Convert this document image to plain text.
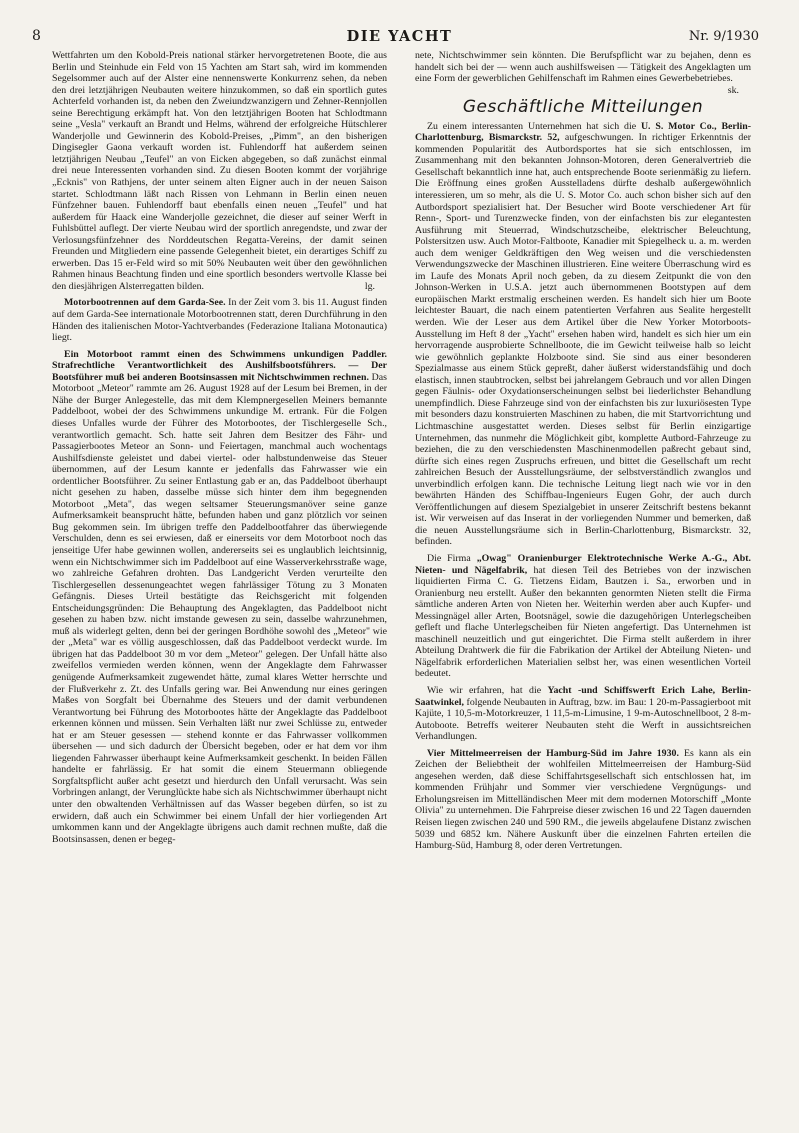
8	DIE YACHT	Nr. 9/1930

Wettfahrten um den Kobold-Preis national stärker hervorgetretenen Boote, die aus Berlin und Steinhude ein Feld von 15 Yachten am Start sah, wird im kommenden Segelsommer auch auf der Alster eine nennenswerte Konkurrenz sehen, da neben den drei letztjährigen Neubauten weitere hinzukommen, so daß ein sportlich gutes Achterfeld vorhanden ist, da neben den Zweiundzwanzigern und Zehner-Rennjollen seine Berechtigung erkämpft hat. Von den letztjährigen Booten hat Schlodtmann seine „Vesla" verkauft an Brandt und Helms, während der erfolgreiche Hütschlerer Wanderjolle und Gewinnerin des Kobold-Preises, „Pimm", an den bisherigen Dingisegler Gaona verkauft worden ist. Fuhlendorff hat außerdem seinen letztjährigen Neubau „Teufel" an von Eicken abgegeben, so daß zunächst einmal drei neue Interessenten vorhanden sind. Zu diesen Booten kommt der vorjährige „Ecknis" von Rathjens, der unter seinem alten Eigner auch in der neuen Saison startet. Schlodtmann läßt nach Rissen von Lehmann in Berlin einen neuen Fünfzehner bauen. Fuhlendorff baut ebenfalls einen neuen „Teufel" und hat außerdem für Haack eine Wanderjolle gezeichnet, die dieser auf seiner Werft in Fuhlsbüttel auflegt. Der vierte Neubau wird der sportlich anregendste, und zwar der Verlosungsfünfzehner des Norddeutschen Regatta-Vereins, der damit seinen Freunden und Mitgliedern eine passende Gelegenheit bietet, ein derartiges Schiff zu erwerben. Das 15 er-Feld wird so mit 50% Neubauten weit über den gewöhnlichen Rahmen hinaus Beachtung finden und eine sportlich besonders wertvolle Klasse bei den diesjährigen Alsterregatten bilden.	lg.

Motorbootrennen auf dem Garda-See. In der Zeit vom 3. bis 11. August finden auf dem Garda-See internationale Motorbootrennen statt, deren Durchführung in den Händen des italienischen Motor-Yachtverbandes (Federazione Italiana Motonautica) liegt.

Ein Motorboot rammt einen des Schwimmens unkundigen Paddler. Strafrechtliche Verantwortlichkeit des Aushilfsbootsführers. — Der Bootsführer muß bei anderen Bootsinsassen mit Nichtschwimmen rechnen. Das Motorboot „Meteor" rammte am 26. August 1928 auf der Lesum bei Bremen, in der Nähe der Burger Anlegestelle, das mit dem Klempnergesellen Meiners bemannte Paddelboot, wobei der des Schwimmens unkundige M. ertrank. Für die Folgen dieses Unfalles wurde der Führer des Motorbootes, der Tischlergeselle Sch., verantwortlich gemacht. Sch. hatte seit Jahren dem Besitzer des Fähr- und Passagierbootes Meteor an Sonn- und Feiertagen, manchmal auch wochentags Aushilfsdienste geleistet und dabei viertel- oder halbstundenweise das Steuer übernommen, auf der Lesum kannte er jedenfalls das Fahrwasser wie ein ordentlicher Bootsführer. Zu seiner Entlastung gab er an, das Paddelboot überhaupt nicht gesehen zu haben, dasselbe müsse sich hinter dem ihm begegnenden Motorboot „Meta", das wegen seltsamer Steuerungsmanöver seine ganze Aufmerksamkeit beansprucht hätte, befunden haben und ganz plötzlich vor seinen Bug gekommen sein. Im übrigen treffe den Paddelbootfahrer das überwiegende Verschulden, denn es sei erwiesen, daß er einerseits vor dem Motorboot noch das jenseitige Ufer habe gewinnen wollen, andererseits sei es unglaublich leichtsinnig, wenn ein Nichtschwimmer sich im Paddelboot auf eine Wasserverkehrsstraße wage, wo zahlreiche Gefahren drohten. Das Landgericht Verden verurteilte den Tischlergesellen dessenungeachtet wegen fahrlässiger Tötung zu 3 Monaten Gefängnis. Dieses Urteil bestätigte das Reichsgericht mit folgenden Entscheidungsgründen: Die Behauptung des Angeklagten, das Paddelboot nicht gesehen zu haben bzw. nicht imstande gewesen zu sein, dasselbe wahrzunehmen, muß als widerlegt gelten, denn bei der geringen Bordhöhe sowohl des „Meteor" wie der „Meta" war es völlig ausgeschlossen, daß das Paddelboot verdeckt wurde. Im übrigen hat das Paddelboot 30 m vor dem „Meteor" gelegen. Der Unfall hätte also zweifellos vermieden werden können, wenn der Angeklagte dem Fahrwasser genügende Aufmerksamkeit zugewendet hätte, zumal klares Wetter herrschte und der Flußverkehr z. Zt. des Unfalls gering war. Bei Anwendung nur eines geringen Maßes von Sorgfalt bei Übernahme des Steuers und der damit verbundenen Verantwortung bei Führung des Motorbootes hätte der Angeklagte das Paddelboot erkennen können und müssen. Sein Verhalten läßt nur zwei Schlüsse zu, entweder hat er am Steuer gesessen — stehend konnte er das Fahrwasser vollkommen übersehen — und sich dadurch der Übersicht begeben, oder er hat dem vor ihm liegenden Fahrwasser überhaupt keine Aufmerksamkeit geschenkt. In beiden Fällen handelte er fahrlässig. Er hat somit die einem Steuermann obliegende Sorgfaltspflicht außer acht gesetzt und hierdurch den Unfall verursacht. Was sein Vorbringen anlangt, der Verunglückte habe sich als Nichtschwimmer überhaupt nicht unter den obwaltenden Verhältnissen auf das Wasser begeben dürfen, so ist zu erwidern, daß auch ein Schwimmer bei einem Unfall der hier vorliegenden Art umkommen kann und der Angeklagte übrigens auch damit rechnen mußte, daß die Bootsinsassen, denen er begeg-

nete, Nichtschwimmer sein könnten. Die Berufspflicht war zu bejahen, denn es handelt sich bei der — wenn auch aushilfsweisen — Tätigkeit des Angeklagten um eine Form der gewerblichen Gehilfenschaft im Rahmen eines Gewerbebetriebes.

sk.

Geschäftliche Mitteilungen

Zu einem interessanten Unternehmen hat sich die U. S. Motor Co., Berlin-Charlottenburg, Bismarckstr. 52, aufgeschwungen. In richtiger Erkenntnis der kommenden Popularität des Autbordsportes hat sie sich entschlossen, im Zusammenhang mit den bekannten Johnson-Motoren, deren Generalvertrieb die Gesellschaft bekanntlich inne hat, auch entsprechende Boote serienmäßig zu liefern. Die Eröffnung eines großen Ausstelladens dürfte deshalb außergewöhnlich interessieren, um so mehr, als die U. S. Motor Co. auch schon bisher sich auf den Autbordsport spezialisiert hat. Der Besucher wird Boote verschiedener Art für Renn-, Sport- und Turenzwecke finden, von der einfachsten bis zur elegantesten Ausführung mit Steuerrad, Windschutzscheibe, elektrischer Beleuchtung, Polstersitzen usw. Auch Motor-Faltboote, Kanadier mit Spiegelheck u. a. m. werden auch dem weniger Geldkräftigen den Weg weisen und die verschiedensten Verwendungszwecke der Maschinen illustrieren. Eine weitere Überraschung wird es im Laufe des Monats April noch geben, da zu diesem Zeitpunkt die von den Johnson-Werken in U.S.A. jetzt auch übernommenen Bootstypen auf dem europäischen Markt erstmalig erscheinen werden. Es handelt sich hier um Boote leichtester Bauart, die nach einem patentierten Verfahren aus Sealite hergestellt werden. Wie der Leser aus dem Artikel über die New Yorker Motorboots-Ausstellung im Heft 8 der „Yacht" ersehen haben wird, handelt es sich hier um ein hervorragende ausprobierte Schnellboote, die im Gewicht teilweise halb so leicht wie gewöhnlich geplankte Holzboote sind. Sie sind aus einer besonderen Spezialmasse aus einem Stück gepreßt, daher äußerst widerstandsfähig und doch elastisch, innen staubtrocken, selbst bei jahrelangem Gebrauch und vor allen Dingen gegen Fäulnis- oder Oxydationserscheinungen selbst bei liederlichster Behandlung unempfindlich. Diese Fahrzeuge sind von der einfachsten bis zur luxuriösesten Type mit besonders dazu konstruierten Maschinen zu haben, die mit Startvorrichtung und Lichtmaschine ausgestattet werden. Dieses selbst für Berlin einzigartige Unternehmen, das nunmehr die Möglichkeit gibt, komplette Autbord-Fahrzeuge zu beziehen, die zu den verschiedensten Maschinenmodellen paßrecht gebaut sind, dürfte sich eines regen Zuspruchs erfreuen, und bittet die Gesellschaft um recht zahlreichen Besuch der Ausstellungsräume, der selbstverständlich zwanglos und unverbindlich erfolgen kann. Die technische Leitung liegt nach wie vor in den bewährten Händen des Schiffbau-Ingenieurs Eugen Gohr, der auch durch Veröffentlichungen auf diesem Spezialgebiet in unserer Zeitschrift bestens bekannt ist. Wir verweisen auf das Inserat in der vorliegenden Nummer und bemerken, daß die neuen Ausstellungsräume sich in Berlin-Charlottenburg, Bismarckstr. 32, befinden.

Die Firma „Owag" Oranienburger Elektrotechnische Werke A.-G., Abt. Nieten- und Nägelfabrik, hat diesen Teil des Betriebes von der inzwischen liquidierten Firma C. G. Tietzens Eidam, Bautzen i. Sa., erworben und in Oranienburg neu erstellt. Außer den bekannten genormten Nieten stellt die Firma sämtliche anderen Arten von Nieten her. Weiterhin werden aber auch Kupfer- und Messingnägel aller Arten, Bootsnägel, sowie die dazugehörigen Unterlegscheiben gefleft und flache Unterlegscheiben für Nieten angefertigt. Das Unternehmen ist maschinell neuzeitlich und gut eingerichtet. Die Firma stellt außerdem in ihrer Abteilung Drahtwerk die für die Fabrikation der Artikel der Abteilung Nieten- und Nägelfabrik erforderlichen Materialien selbst her, was einen wesentlichen Vorteil bedeutet.

Wie wir erfahren, hat die Yacht -und Schiffswerft Erich Lahe, Berlin-Saatwinkel, folgende Neubauten in Auftrag, bzw. im Bau: 1 20-m-Passagierboot mit Kajüte, 1 10,5-m-Motorkreuzer, 1 11,5-m-Limusine, 1 9-m-Autoschnellboot, 2 8-m-Autoboote. Betreffs weiterer Neubauten steht die Werft in aussichtsreichen Verhandlungen.

Vier Mittelmeerreisen der Hamburg-Süd im Jahre 1930. Es kann als ein Zeichen der Beliebtheit der wohlfeilen Mittelmeerreisen der Hamburg-Süd angesehen werden, daß diese Schiffahrtsgesellschaft sich entschlossen hat, im kommenden Frühjahr und Sommer vier verschiedene Vergnügungs- und Erholungsreisen im Mittelländischen Meer mit dem modernen Motorschiff „Monte Olivia" zu unternehmen. Die Fahrpreise dieser zwischen 16 und 22 Tagen dauernden Reisen liegen zwischen 240 und 590 RM., die jeweils abgelaufene Distanz zwischen 5039 und 6852 km. Nähere Auskunft über die einzelnen Fahrten erteilen die Hamburg-Süd, Hamburg 8, oder deren Vertretungen.
